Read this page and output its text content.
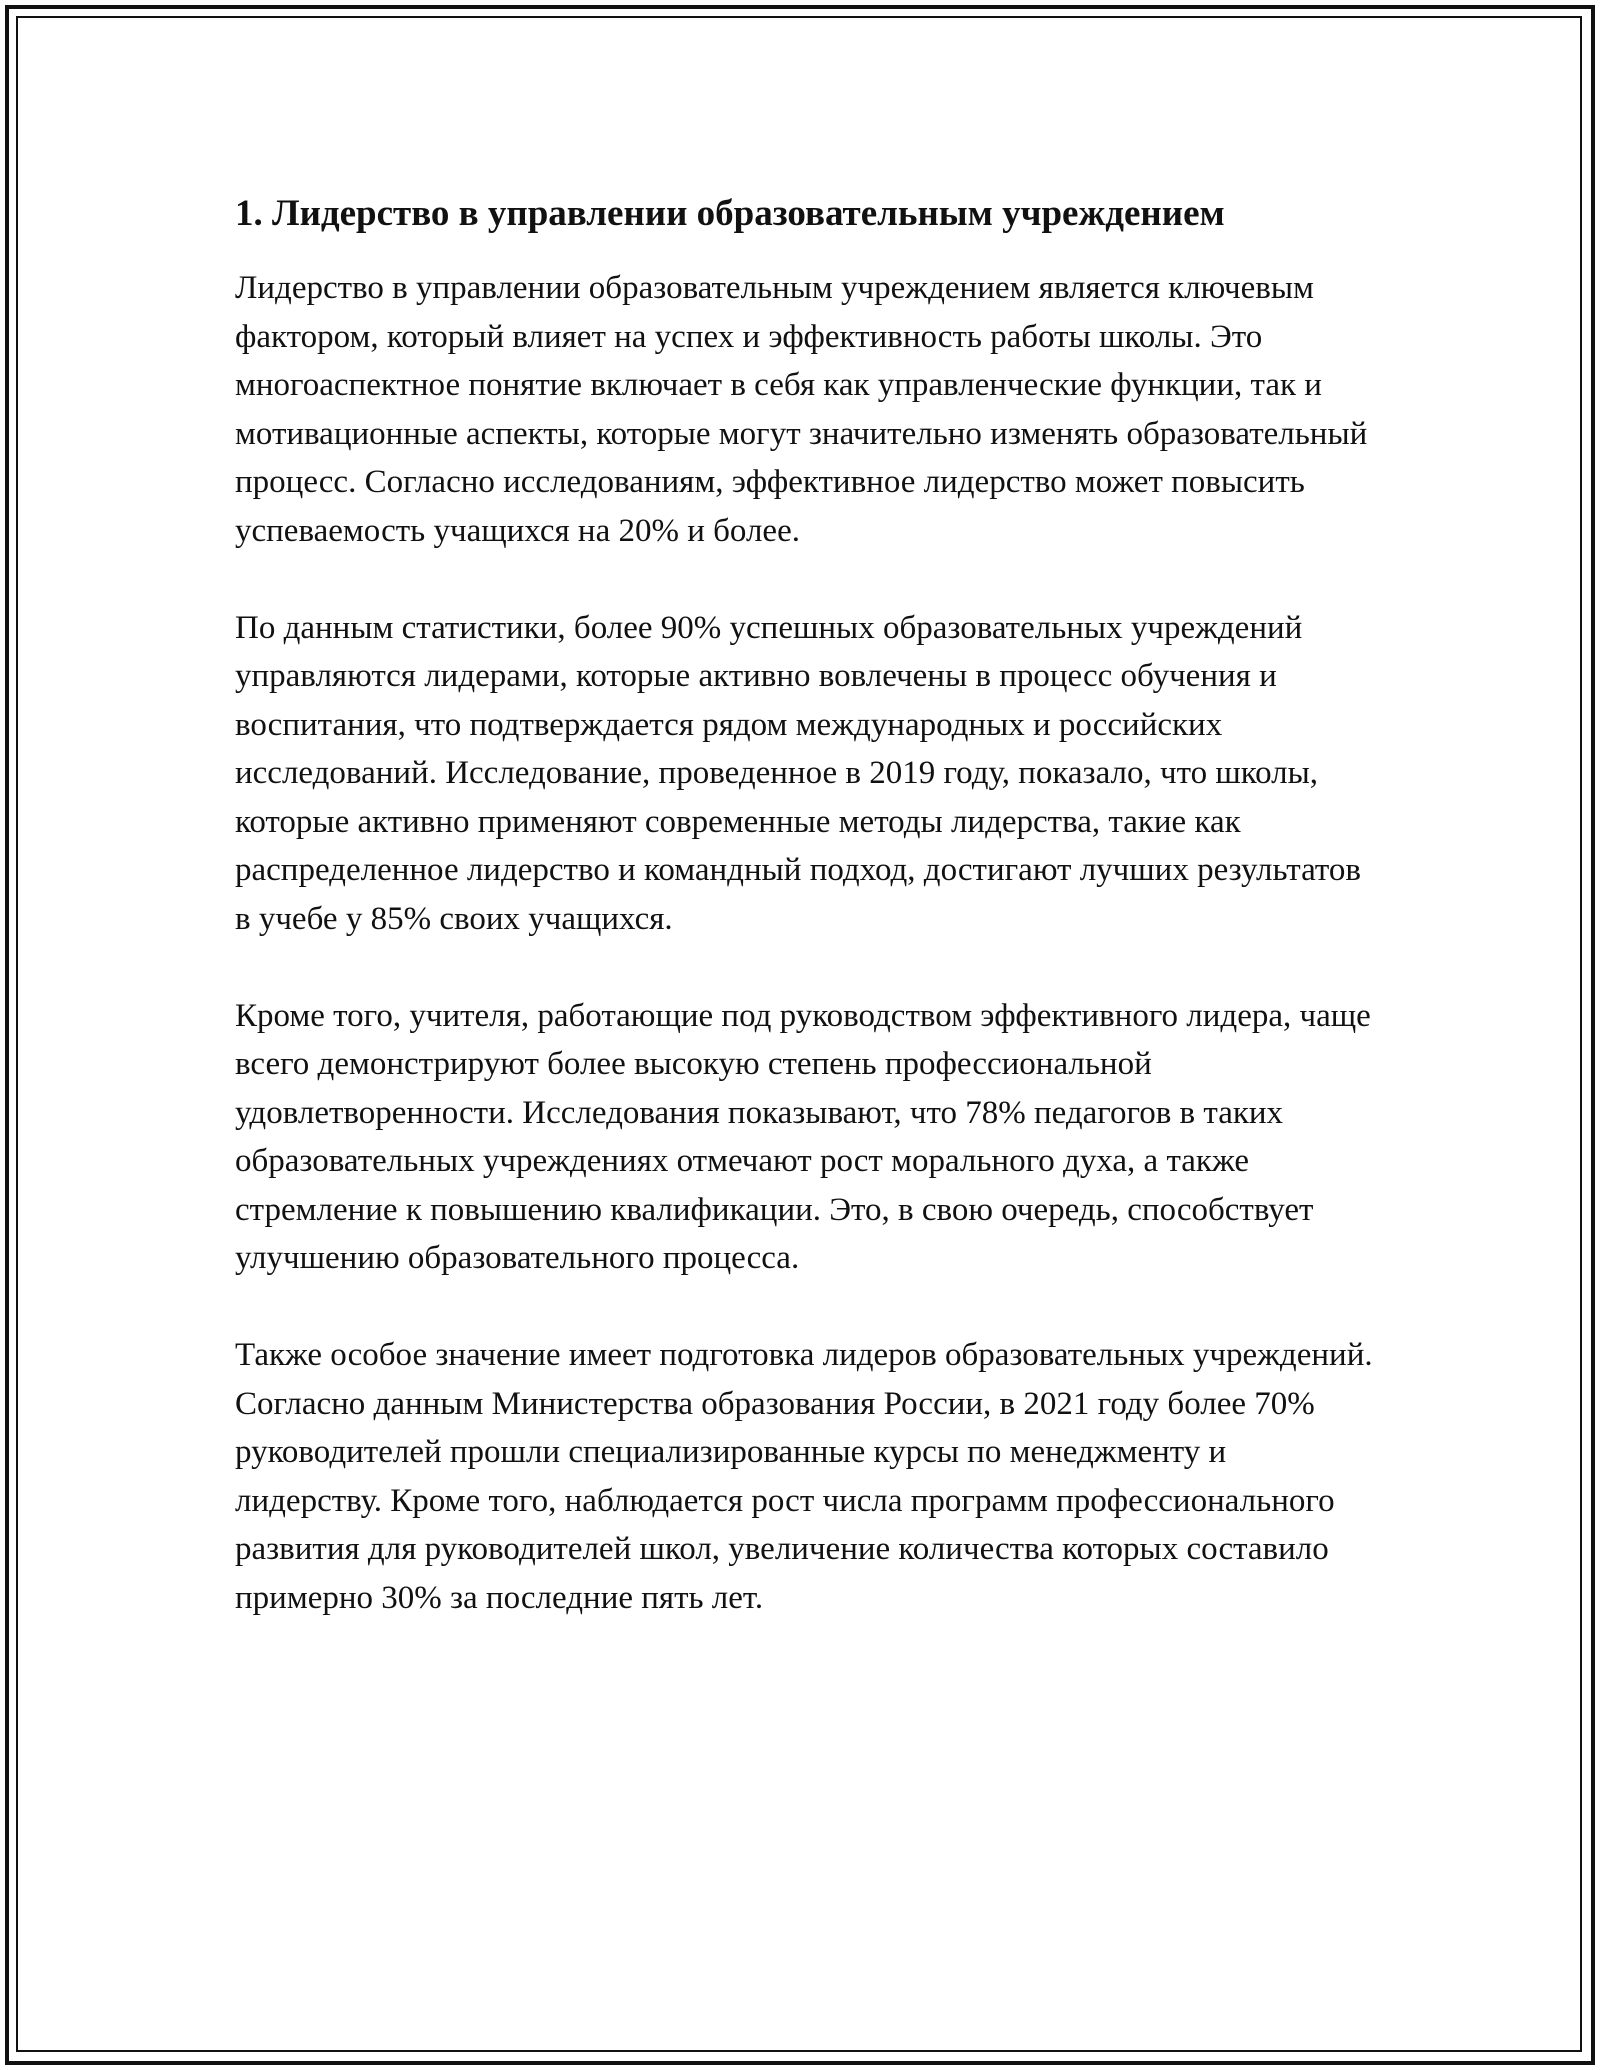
1. Лидерство в управлении образовательным учреждением

Лидерство в управлении образовательным учреждением является ключевым фактором, который влияет на успех и эффективность работы школы. Это многоаспектное понятие включает в себя как управленческие функции, так и мотивационные аспекты, которые могут значительно изменять образовательный процесс. Согласно исследованиям, эффективное лидерство может повысить успеваемость учащихся на 20% и более.

По данным статистики, более 90% успешных образовательных учреждений управляются лидерами, которые активно вовлечены в процесс обучения и воспитания, что подтверждается рядом международных и российских исследований. Исследование, проведенное в 2019 году, показало, что школы, которые активно применяют современные методы лидерства, такие как распределенное лидерство и командный подход, достигают лучших результатов в учебе у 85% своих учащихся.

Кроме того, учителя, работающие под руководством эффективного лидера, чаще всего демонстрируют более высокую степень профессиональной удовлетворенности. Исследования показывают, что 78% педагогов в таких образовательных учреждениях отмечают рост морального духа, а также стремление к повышению квалификации. Это, в свою очередь, способствует улучшению образовательного процесса.

Также особое значение имеет подготовка лидеров образовательных учреждений. Согласно данным Министерства образования России, в 2021 году более 70% руководителей прошли специализированные курсы по менеджменту и лидерству. Кроме того, наблюдается рост числа программ профессионального развития для руководителей школ, увеличение количества которых составило примерно 30% за последние пять лет.
